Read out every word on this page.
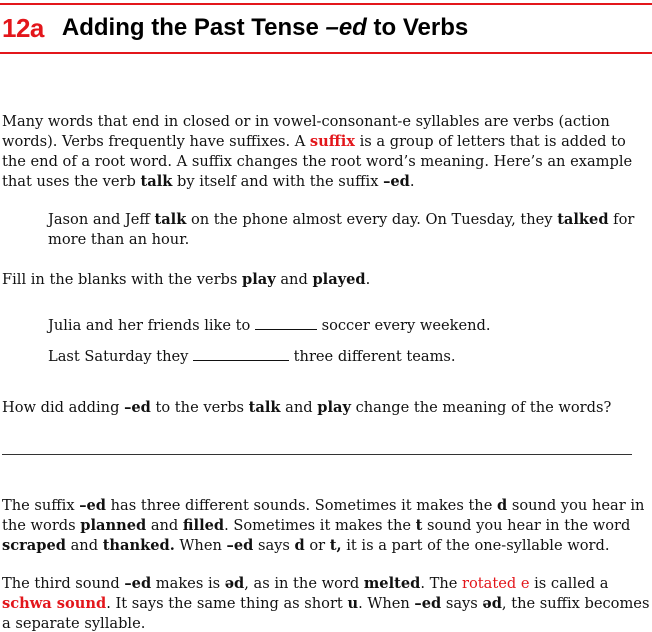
12a Adding the Past Tense –ed to Verbs

Many words that end in closed or in vowel-consonant-e syllables are verbs (action words). Verbs frequently have suffixes. A suffix is a group of letters that is added to the end of a root word. A suffix changes the root word’s meaning. Here’s an example that uses the verb talk by itself and with the suffix –ed.

Jason and Jeff talk on the phone almost every day. On Tuesday, they talked for more than an hour.

Fill in the blanks with the verbs play and played.

Julia and her friends like to	soccer every weekend.

Last Saturday they	three different teams.

How did adding –ed to the verbs talk and play change the meaning of the words?

The suffix –ed has three different sounds. Sometimes it makes the d sound you hear in the words planned and filled. Sometimes it makes the t sound you hear in the word scraped and thanked. When –ed says d or t, it is a part of the one-syllable word.

The third sound –ed makes is əd, as in the word melted. The rotated e is called a schwa sound. It says the same thing as short u. When –ed says əd, the suffix becomes a separate syllable.
